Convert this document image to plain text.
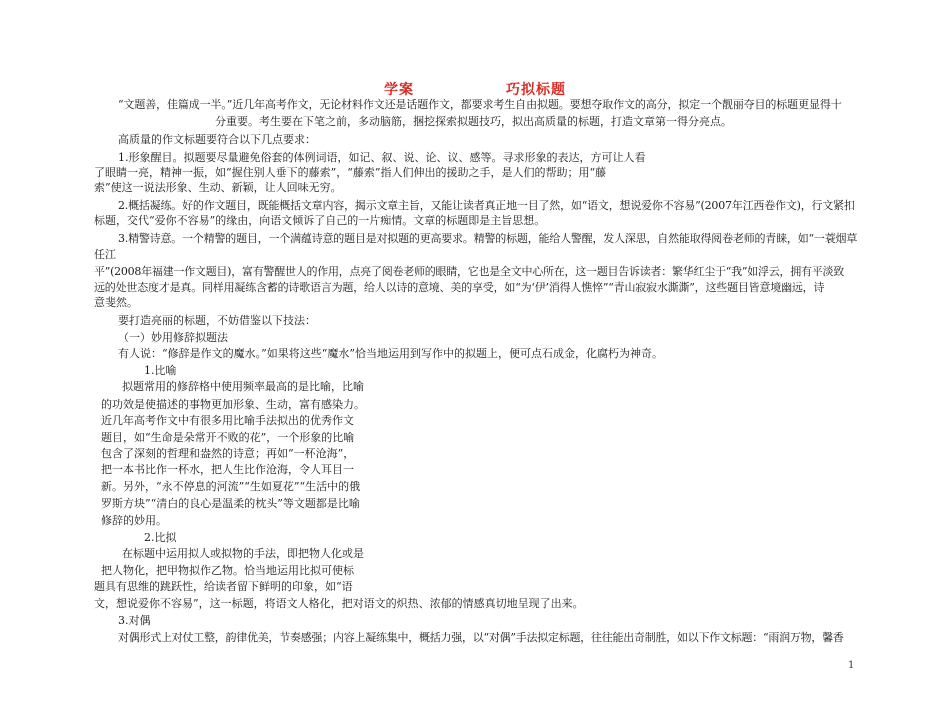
学案	巧拟标题
“文题善，佳篇成一半。”近几年高考作文，无论材料作文还是话题作文，都要求考生自由拟题。要想夺取作文的高分，拟定一个靓丽夺目的标题更显得十
分重要。考生要在下笔之前，多动脑筋，捆挖探索拟题技巧，拟出高质量的标题，打造文章第一得分亮点。
高质量的作文标题要符合以下几点要求：
1.形象醒目。拟题要尽量避免俗套的体例词语，如记、叙、说、论、议、感等。寻求形象的表达，方可让人看
了眼睛一亮，精神一振，如“握住别人垂下的藤索”，“藤索”指人们伸出的援助之手，是人们的帮助；用“藤
索”使这一说法形象、生动、新颖，让人回味无穷。
2.概括凝练。好的作文题目，既能概括文章内容，揭示文章主旨，又能让读者真正地一目了然，如“语文，想说爱你不容易”(2007年江西卷作文)，行文紧扣
标题，交代“爱你不容易”的缘由，向语文倾诉了自己的一片痴情。文章的标题即是主旨思想。
3.精警诗意。一个精警的题目，一个满蕴诗意的题目是对拟题的更高要求。精警的标题，能给人警醒，发人深思，自然能取得阅卷老师的青睐，如“一蓑烟草
任江
平”(2008年福建一作文题目)，富有警醒世人的作用，点亮了阅卷老师的眼睛，它也是全文中心所在，这一题目告诉读者：繁华红尘于“我”如浮云，拥有平淡致
远的处世态度才是真。同样用凝练含蓄的诗歌语言为题，给人以诗的意境、美的享受，如“为‘伊’消得人憔悴”“青山寂寂水澌澌”，这些题目皆意境幽远，诗
意斐然。
要打造亮丽的标题，不妨借鉴以下技法：
（一）妙用修辞拟题法
有人说：“修辞是作文的魔水。”如果将这些“魔水”恰当地运用到写作中的拟题上，便可点石成金，化腐朽为神奇。
1.比喻
拟题常用的修辞格中使用频率最高的是比喻，比喻
的功效是使描述的事物更加形象、生动，富有感染力。
近几年高考作文中有很多用比喻手法拟出的优秀作文
题目，如“生命是朵常开不败的花”，一个形象的比喻
包含了深刻的哲理和盎然的诗意；再如“一杯沧海”，
把一本书比作一杯水，把人生比作沧海，令人耳目一
新。另外，“永不停息的河流”“生如夏花”“生活中的俄
罗斯方块”“清白的良心是温柔的枕头”等文题都是比喻
修辞的妙用。
2.比拟
在标题中运用拟人或拟物的手法，即把物人化或是
把人物化，把甲物拟作乙物。恰当地运用比拟可使标
题具有思维的跳跃性，给读者留下鲜明的印象，如“语
文，想说爱你不容易”，这一标题，将语文人格化，把对语文的炽热、浓郁的情感真切地呈现了出来。
3.对偶
对偶形式上对仗工整，韵律优美，节奏感强；内容上凝练集中，概括力强，以“对偶”手法拟定标题，往往能出奇制胜，如以下作文标题：“雨润万物，馨香
1
